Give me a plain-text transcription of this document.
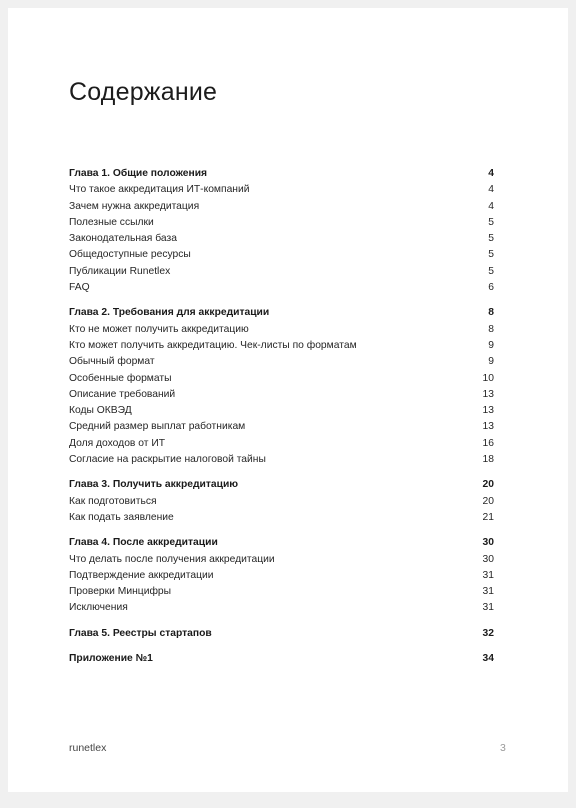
Содержание
Глава 1. Общие положения	4
Что такое аккредитация ИТ-компаний	4
Зачем нужна аккредитация	4
Полезные ссылки	5
Законодательная база	5
Общедоступные ресурсы	5
Публикации Runetlex	5
FAQ	6
Глава 2. Требования для аккредитации	8
Кто не может получить аккредитацию	8
Кто может получить аккредитацию. Чек-листы по форматам	9
Обычный формат	9
Особенные форматы	10
Описание требований	13
Коды ОКВЭД	13
Средний размер выплат работникам	13
Доля доходов от ИТ	16
Согласие на раскрытие налоговой тайны	18
Глава 3. Получить аккредитацию	20
Как подготовиться	20
Как подать заявление	21
Глава 4. После аккредитации	30
Что делать после получения аккредитации	30
Подтверждение аккредитации	31
Проверки Минцифры	31
Исключения	31
Глава 5. Реестры стартапов	32
Приложение №1	34
runetlex	3
